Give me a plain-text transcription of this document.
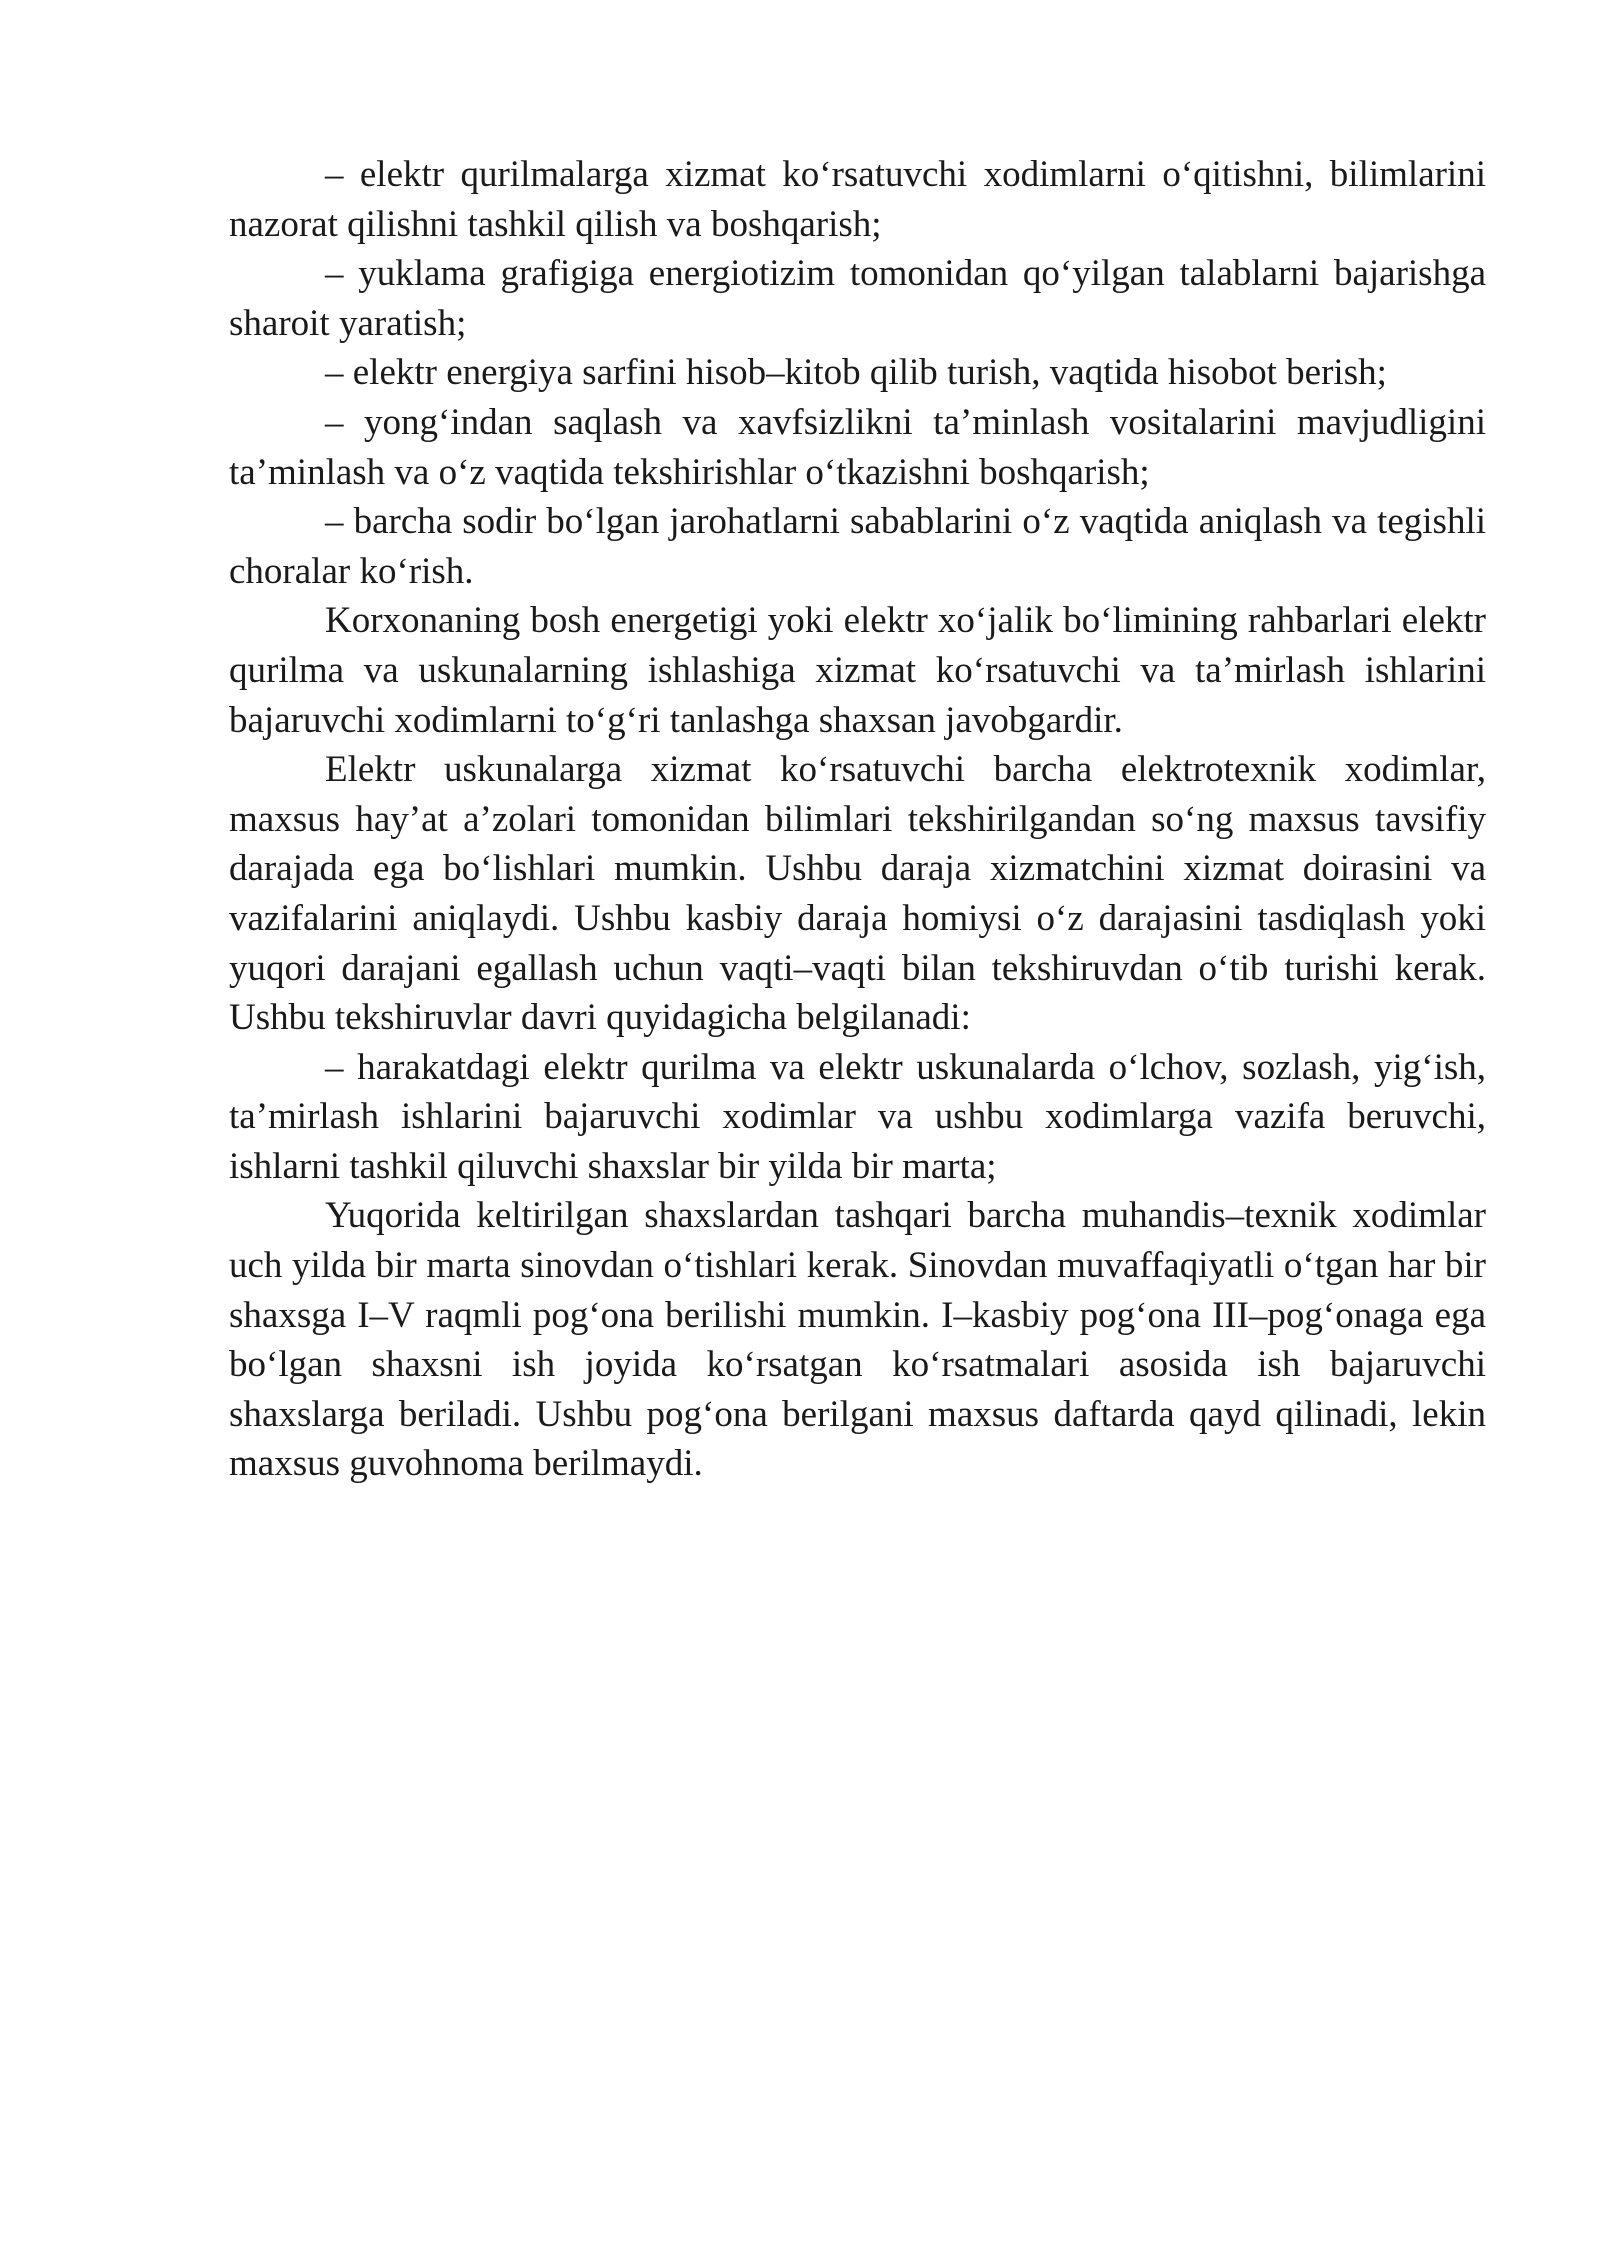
– elektr qurilmalarga xizmat ko‘rsatuvchi xodimlarni o‘qitishni, bilimlarini nazorat qilishni tashkil qilish va boshqarish;

– yuklama grafigiga energiotizim tomonidan qo‘yilgan talablarni bajarishga sharoit yaratish;

– elektr energiya sarfini hisob–kitob qilib turish, vaqtida hisobot berish;

– yong‘indan saqlash va xavfsizlikni ta’minlash vositalarini mavjudligini ta’minlash va o‘z vaqtida tekshirishlar o‘tkazishni boshqarish;

– barcha sodir bo‘lgan jarohatlarni sabablarini o‘z vaqtida aniqlash va tegishli choralar ko‘rish.

Korxonaning bosh energetigi yoki elektr xo‘jalik bo‘limining rahbarlari elektr qurilma va uskunalarning ishlashiga xizmat ko‘rsatuvchi va ta’mirlash ishlarini bajaruvchi xodimlarni to‘g‘ri tanlashga shaxsan javobgardir.

Elektr uskunalarga xizmat ko‘rsatuvchi barcha elektrotexnik xodimlar, maxsus hay’at a’zolari tomonidan bilimlari tekshirilgandan so‘ng maxsus tavsifiy darajada ega bo‘lishlari mumkin. Ushbu daraja xizmatchini xizmat doirasini va vazifalarini aniqlaydi. Ushbu kasbiy daraja homiysi o‘z darajasini tasdiqlash yoki yuqori darajani egallash uchun vaqti–vaqti bilan tekshiruvdan o‘tib turishi kerak. Ushbu tekshiruvlar davri quyidagicha belgilanadi:

– harakatdagi elektr qurilma va elektr uskunalarda o‘lchov, sozlash, yig‘ish, ta’mirlash ishlarini bajaruvchi xodimlar va ushbu xodimlarga vazifa beruvchi, ishlarni tashkil qiluvchi shaxslar bir yilda bir marta;

Yuqorida keltirilgan shaxslardan tashqari barcha muhandis–texnik xodimlar uch yilda bir marta sinovdan o‘tishlari kerak. Sinovdan muvaffaqiyatli o‘tgan har bir shaxsga I–V raqmli pog‘ona berilishi mumkin. I–kasbiy pog‘ona III–pog‘onaga ega bo‘lgan shaxsni ish joyida ko‘rsatgan ko‘rsatmalari asosida ish bajaruvchi shaxslarga beriladi. Ushbu pog‘ona berilgani maxsus daftarda qayd qilinadi, lekin maxsus guvohnoma berilmaydi.
